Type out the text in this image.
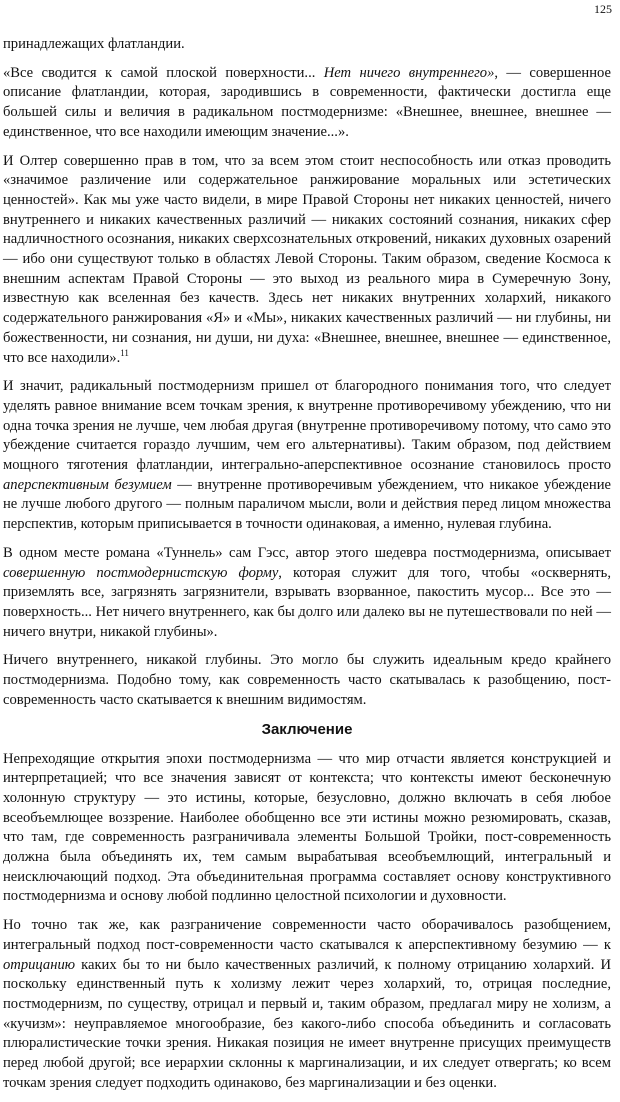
125

принадлежащих флатландии.

«Все сводится к самой плоской поверхности... Нет ничего внутреннего», — совершенное описание флатландии, которая, зародившись в современности, фактически достигла еще большей силы и величия в радикальном постмодернизме: «Внешнее, внешнее, внешнее — единственное, что все находили имеющим значение...».

И Олтер совершенно прав в том, что за всем этом стоит неспособность или отказ проводить «значимое различение или содержательное ранжирование моральных или эстетических ценностей». Как мы уже часто видели, в мире Правой Стороны нет никаких ценностей, ничего внутреннего и никаких качественных различий — никаких состояний сознания, никаких сфер надличностного осознания, никаких сверхсознательных откровений, никаких духовных озарений — ибо они существуют только в областях Левой Стороны. Таким образом, сведение Космоса к внешним аспектам Правой Стороны — это выход из реального мира в Сумеречную Зону, известную как вселенная без качеств. Здесь нет никаких внутренних холархий, никакого содержательного ранжирования «Я» и «Мы», никаких качественных различий — ни глубины, ни божественности, ни сознания, ни души, ни духа: «Внешнее, внешнее, внешнее — единственное, что все находили».$^{11}$

И значит, радикальный постмодернизм пришел от благородного понимания того, что следует уделять равное внимание всем точкам зрения, к внутренне противоречивому убеждению, что ни одна точка зрения не лучше, чем любая другая (внутренне противоречивому потому, что само это убеждение считается гораздо лучшим, чем его альтернативы). Таким образом, под действием мощного тяготения флатландии, интегрально-аперспективное осознание становилось просто аперспективным безумием — внутренне противоречивым убеждением, что никакое убеждение не лучше любого другого — полным параличом мысли, воли и действия перед лицом множества перспектив, которым приписывается в точности одинаковая, а именно, нулевая глубина.

В одном месте романа «Туннель» сам Гэсс, автор этого шедевра постмодернизма, описывает совершенную постмодернистскую форму, которая служит для того, чтобы «осквернять, приземлять все, загрязнять загрязнители, взрывать взорванное, пакостить мусор... Все это — поверхность... Нет ничего внутреннего, как бы долго или далеко вы не путешествовали по ней — ничего внутри, никакой глубины».

Ничего внутреннего, никакой глубины. Это могло бы служить идеальным кредо крайнего постмодернизма. Подобно тому, как современность часто скатывалась к разобщению, пост-современность часто скатывается к внешним видимостям.

Заключение

Непреходящие открытия эпохи постмодернизма — что мир отчасти является конструкцией и интерпретацией; что все значения зависят от контекста; что контексты имеют бесконечную холонную структуру — это истины, которые, безусловно, должно включать в себя любое всеобъемлющее воззрение. Наиболее обобщенно все эти истины можно резюмировать, сказав, что там, где современность разграничивала элементы Большой Тройки, пост-современность должна была объединять их, тем самым вырабатывая всеобъемлющий, интегральный и неисключающий подход. Эта объединительная программа составляет основу конструктивного постмодернизма и основу любой подлинно целостной психологии и духовности.

Но точно так же, как разграничение современности часто оборачивалось разобщением, интегральный подход пост-современности часто скатывался к аперспективному безумию — к отрицанию каких бы то ни было качественных различий, к полному отрицанию холархий. И поскольку единственный путь к холизму лежит через холархий, то, отрицая последние, постмодернизм, по существу, отрицал и первый и, таким образом, предлагал миру не холизм, а «кучизм»: неуправляемое многообразие, без какого-либо способа объединить и согласовать плюралистические точки зрения. Никакая позиция не имеет внутренне присущих преимуществ перед любой другой; все иерархии склонны к маргинализации, и их следует отвергать; ко всем точкам зрения следует подходить одинаково, без маргинализации и без оценки.
